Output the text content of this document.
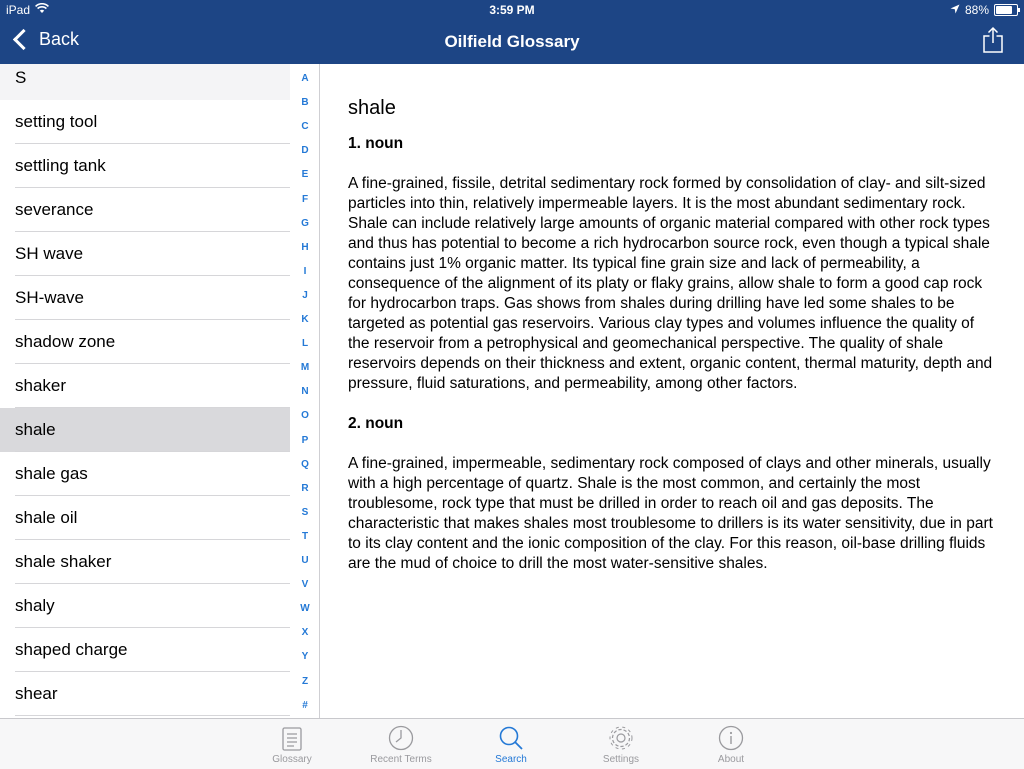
iPad	3:59 PM	88%
Back	Oilfield Glossary
S
setting tool
settling tank
severance
SH wave
SH-wave
shadow zone
shaker
shale
shale gas
shale oil
shale shaker
shaly
shaped charge
shear
A
B
C
D
E
F
G
H
I
J
K
L
M
N
O
P
Q
R
S
T
U
V
W
X
Y
Z
#
shale
1. noun

A fine-grained, fissile, detrital sedimentary rock formed by consolidation of clay- and silt-sized particles into thin, relatively impermeable layers. It is the most abundant sedimentary rock. Shale can include relatively large amounts of organic material compared with other rock types and thus has potential to become a rich hydrocarbon source rock, even though a typical shale contains just 1% organic matter. Its typical fine grain size and lack of permeability, a consequence of the alignment of its platy or flaky grains, allow shale to form a good cap rock for hydrocarbon traps. Gas shows from shales during drilling have led some shales to be targeted as potential gas reservoirs. Various clay types and volumes influence the quality of the reservoir from a petrophysical and geomechanical perspective. The quality of shale reservoirs depends on their thickness and extent, organic content, thermal maturity, depth and pressure, fluid saturations, and permeability, among other factors.

2. noun

A fine-grained, impermeable, sedimentary rock composed of clays and other minerals, usually with a high percentage of quartz. Shale is the most common, and certainly the most troublesome, rock type that must be drilled in order to reach oil and gas deposits. The characteristic that makes shales most troublesome to drillers is its water sensitivity, due in part to its clay content and the ionic composition of the clay. For this reason, oil-base drilling fluids are the mud of choice to drill the most water-sensitive shales.

Glossary	Recent Terms	Search	Settings	About
